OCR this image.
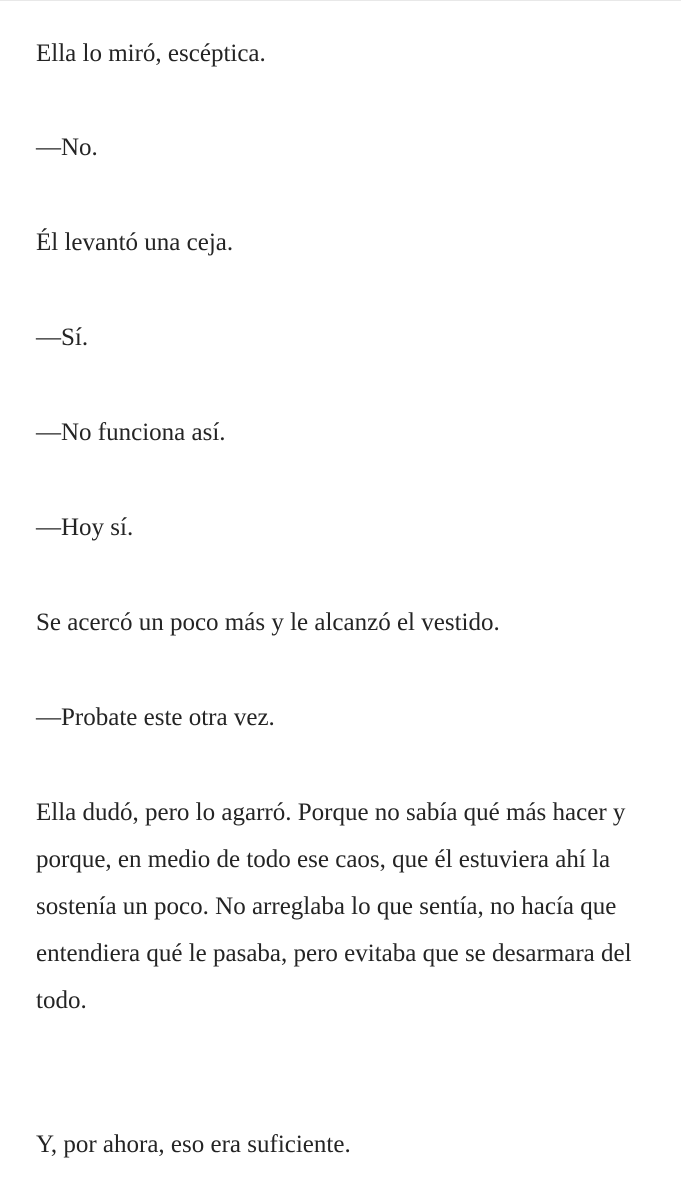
Ella lo miró, escéptica.

—No.

Él levantó una ceja.

—Sí.

—No funciona así.

—Hoy sí.

Se acercó un poco más y le alcanzó el vestido.

—Probate este otra vez.

Ella dudó, pero lo agarró. Porque no sabía qué más hacer y porque, en medio de todo ese caos, que él estuviera ahí la sostenía un poco. No arreglaba lo que sentía, no hacía que entendiera qué le pasaba, pero evitaba que se desarmara del todo.

Y, por ahora, eso era suficiente.
